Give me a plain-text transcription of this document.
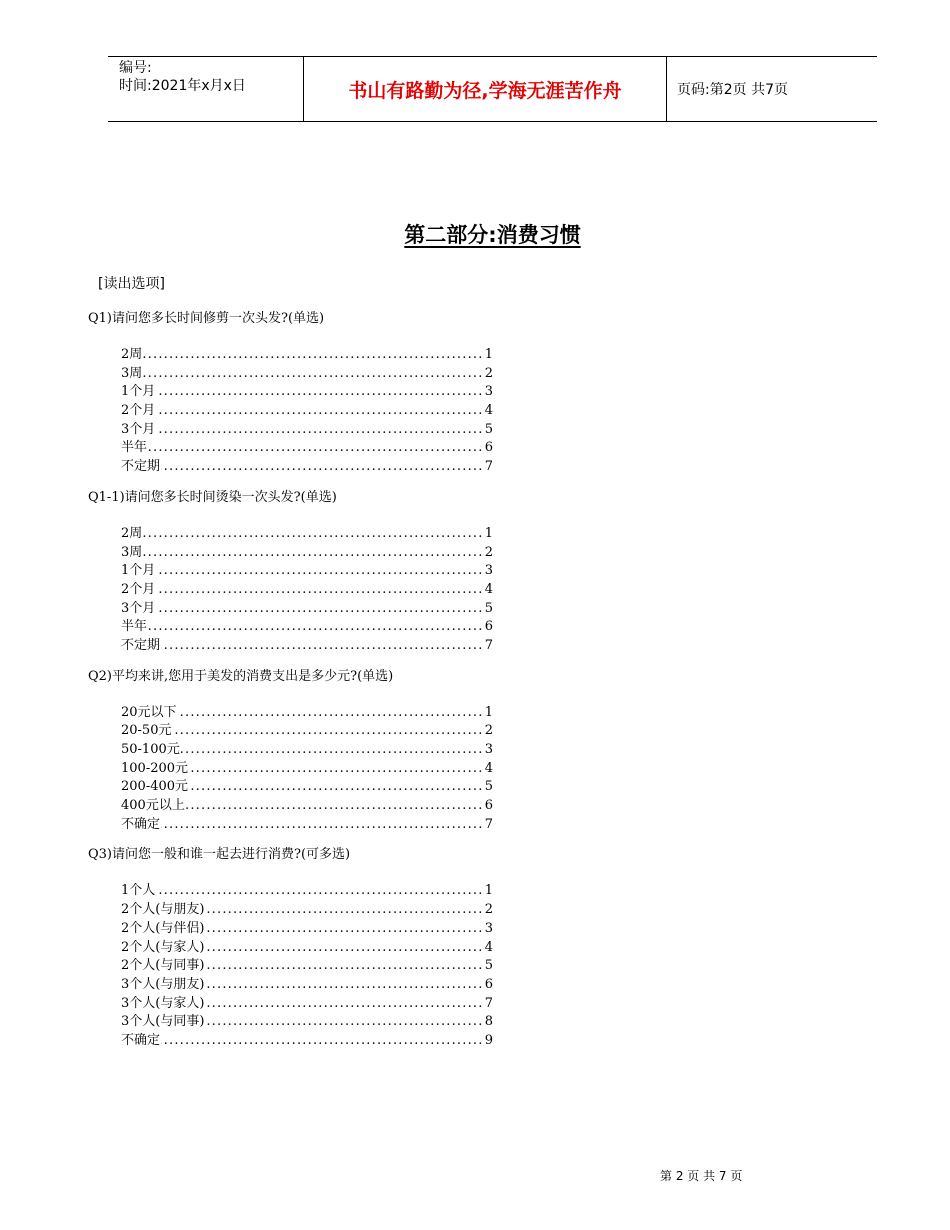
编号:
时间:2021年x月x日	书山有路勤为径,学海无涯苦作舟	页码:第2页 共7页
第二部分:消费习惯
[读出选项]
Q1)请问您多长时间修剪一次头发?(单选)
.....
2周	1
.....
3周	2
.....
1个月	3
.....
2个月	4
.....
3个月	5
.....
半年	6
.....
不定期	7
Q1-1)请问您多长时间烫染一次头发?(单选)
.....
2周	1
.....
3周	2
.....
1个月	3
.....
2个月	4
.....
3个月	5
.....
半年	6
.....
不定期	7
Q2)平均来讲,您用于美发的消费支出是多少元?(单选)
.....
20元以下	1
.....
20-50元	2
.....
50-100元	3
.....
100-200元	4
.....
200-400元	5
.....
400元以上	6
.....
不确定	7
Q3)请问您一般和谁一起去进行消费?(可多选)
.....
1个人	1
.....
2个人(与朋友)	2
.....
2个人(与伴侣)	3
.....
2个人(与家人)	4
.....
2个人(与同事)	5
.....
3个人(与朋友)	6
.....
3个人(与家人)	7
.....
3个人(与同事)	8
.....
不确定	9
第 2 页 共 7 页
